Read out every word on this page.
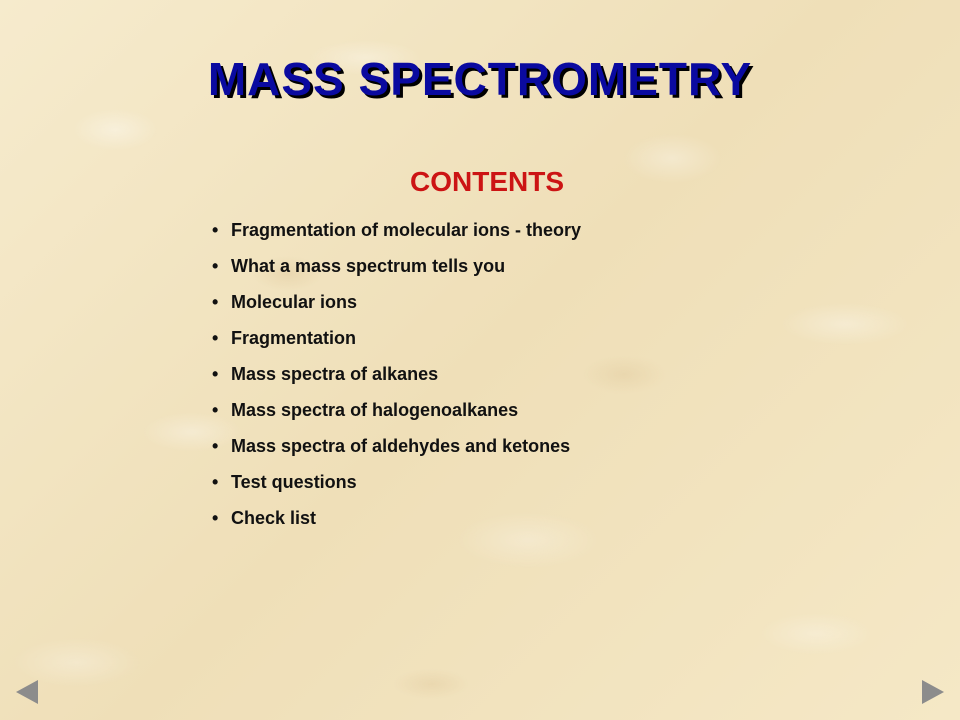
MASS SPECTROMETRY
CONTENTS
• Fragmentation of molecular ions - theory
• What a mass spectrum tells you
• Molecular ions
• Fragmentation
• Mass spectra of alkanes
• Mass spectra of halogenoalkanes
• Mass spectra of aldehydes and ketones
• Test questions
• Check list
